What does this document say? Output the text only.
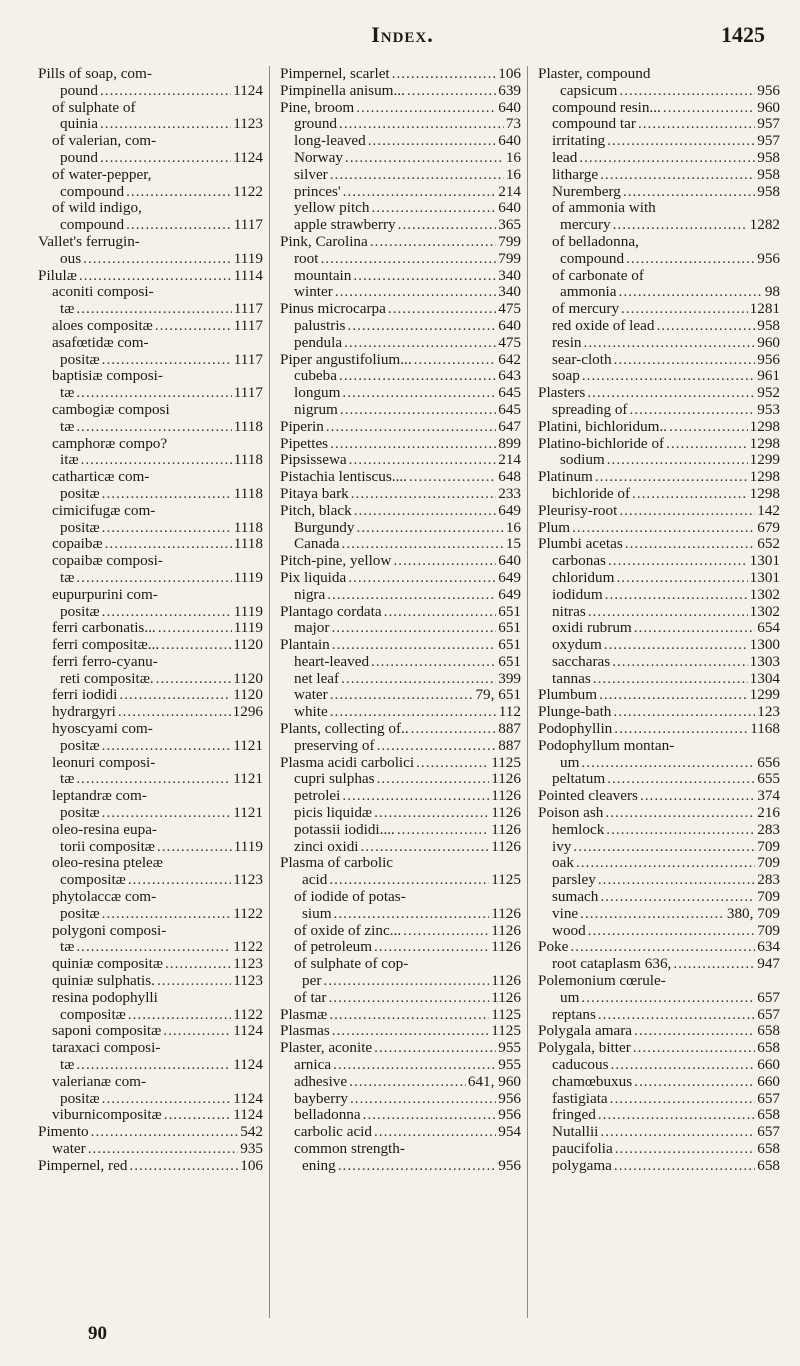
Index.	1425
Pills of soap, com-
pound .....	1124
of sulphate of
quinia .....	1123
of valerian, com-
pound .....	1124
of water-pepper,
compound .....	1122
of wild indigo,
compound .....	1117
Vallet's ferrugin-
ous .....	1119
Pilulæ .....	1114
aconiti composi-
tæ .....	1117
aloes compositæ .....	1117
asafœtidæ com-
positæ .....	1117
baptisiæ composi-
tæ .....	1117
cambogiæ composi
tæ .....	1118
camphoræ compo?
itæ .....	1118
catharticæ com-
positæ .....	1118
cimicifugæ com-
positæ .....	1118
copaibæ .....	1118
copaibæ composi-
tæ .....	1119
eupurpurini com-
positæ .....	1119
ferri carbonatis... .....	1119
ferri compositæ... .....	1120
ferri ferro-cyanu-
reti compositæ. .....	1120
ferri iodidi .....	1120
hydrargyri .....	1296
hyoscyami com-
positæ .....	1121
leonuri composi-
tæ .....	1121
leptandræ com-
positæ .....	1121
oleo-resina eupa-
torii compositæ .....	1119
oleo-resina pteleæ
compositæ .....	1123
phytolaccæ com-
positæ .....	1122
polygoni composi-
tæ .....	1122
quiniæ compositæ .....	1123
quiniæ sulphatis. .....	1123
resina podophylli
compositæ .....	1122
saponi compositæ .....	1124
taraxaci composi-
tæ .....	1124
valerianæ com-
positæ .....	1124
viburnicompositæ .....	1124
Pimento .....	542
water .....	935
Pimpernel, red .....	106
Pimpernel, scarlet .....	106
Pimpinella anisum... .....	639
Pine, broom .....	640
ground .....	73
long-leaved .....	640
Norway .....	16
silver .....	16
princes' .....	214
yellow pitch .....	640
apple strawberry .....	365
Pink, Carolina .....	799
root .....	799
mountain .....	340
winter .....	340
Pinus microcarpa .....	475
palustris .....	640
pendula .....	475
Piper angustifolium... .....	642
cubeba .....	643
longum .....	645
nigrum .....	645
Piperin .....	647
Pipettes .....	899
Pipsissewa .....	214
Pistachia lentiscus.... .....	648
Pitaya bark .....	233
Pitch, black .....	649
Burgundy .....	16
Canada .....	15
Pitch-pine, yellow .....	640
Pix liquida .....	649
nigra .....	649
Plantago cordata .....	651
major .....	651
Plantain .....	651
heart-leaved .....	651
net leaf .....	399
water .....	79, 651
white .....	112
Plants, collecting of.. .....	887
preserving of .....	887
Plasma acidi carbolici .....	1125
cupri sulphas .....	1126
petrolei .....	1126
picis liquidæ .....	1126
potassii iodidi.... .....	1126
zinci oxidi .....	1126
Plasma of carbolic
acid .....	1125
of iodide of potas-
sium .....	1126
of oxide of zinc... .....	1126
of petroleum .....	1126
of sulphate of cop-
per .....	1126
of tar .....	1126
Plasmæ .....	1125
Plasmas .....	1125
Plaster, aconite .....	955
arnica .....	955
adhesive .....	641, 960
bayberry .....	956
belladonna .....	956
carbolic acid .....	954
common strength-
ening .....	956
Plaster, compound
capsicum .....	956
compound resin... .....	960
compound tar .....	957
irritating .....	957
lead .....	958
litharge .....	958
Nuremberg .....	958
of ammonia with
mercury .....	1282
of belladonna,
compound .....	956
of carbonate of
ammonia .....	98
of mercury .....	1281
red oxide of lead .....	958
resin .....	960
sear-cloth .....	956
soap .....	961
Plasters .....	952
spreading of .....	953
Platini, bichloridum.. .....	1298
Platino-bichloride of .....	1298
sodium .....	1299
Platinum .....	1298
bichloride of .....	1298
Pleurisy-root .....	142
Plum .....	679
Plumbi acetas .....	652
carbonas .....	1301
chloridum .....	1301
iodidum .....	1302
nitras .....	1302
oxidi rubrum .....	654
oxydum .....	1300
saccharas .....	1303
tannas .....	1304
Plumbum .....	1299
Plunge-bath .....	123
Podophyllin .....	1168
Podophyllum montan-
um .....	656
peltatum .....	655
Pointed cleavers .....	374
Poison ash .....	216
hemlock .....	283
ivy .....	709
oak .....	709
parsley .....	283
sumach .....	709
vine .....	380, 709
wood .....	709
Poke .....	634
root cataplasm 636, .....	947
Polemonium cœrule-
um .....	657
reptans .....	657
Polygala amara .....	658
Polygala, bitter .....	658
caducous .....	660
chamœbuxus .....	660
fastigiata .....	657
fringed .....	658
Nutallii .....	657
paucifolia .....	658
polygama .....	658
90
